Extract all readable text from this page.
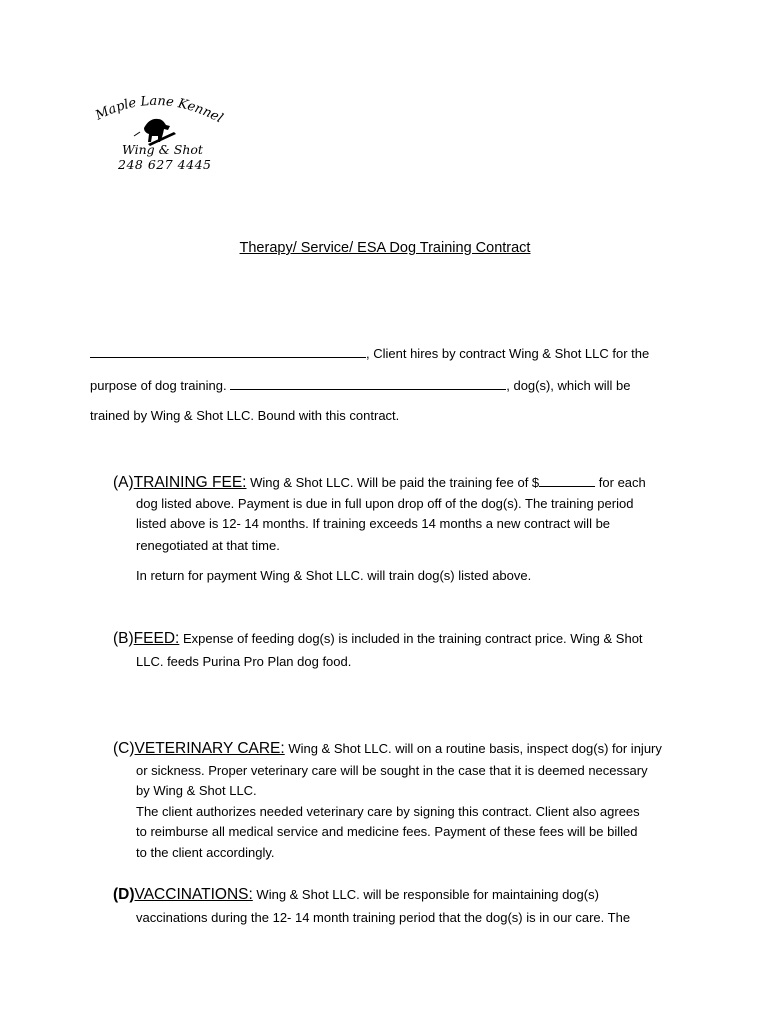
Maple Lane Kennel
Wing & Shot
248 627 4445
Therapy/ Service/ ESA Dog Training Contract
, Client hires by contract Wing & Shot LLC for the
purpose of dog training.	, dog(s), which will be
trained by Wing & Shot LLC. Bound with this contract.
(A)TRAINING FEE: Wing & Shot LLC. Will be paid the training fee of $	for each
dog listed above. Payment is due in full upon drop off of the dog(s). The training period
listed above is 12- 14 months. If training exceeds 14 months a new contract will be
renegotiated at that time.
In return for payment Wing & Shot LLC. will train dog(s) listed above.
(B)FEED: Expense of feeding dog(s) is included in the training contract price. Wing & Shot
LLC. feeds Purina Pro Plan dog food.
(C)VETERINARY CARE: Wing & Shot LLC. will on a routine basis, inspect dog(s) for injury
or sickness. Proper veterinary care will be sought in the case that it is deemed necessary
by Wing & Shot LLC.
The client authorizes needed veterinary care by signing this contract. Client also agrees
to reimburse all medical service and medicine fees. Payment of these fees will be billed
to the client accordingly.
(D)VACCINATIONS: Wing & Shot LLC. will be responsible for maintaining dog(s)
vaccinations during the 12- 14 month training period that the dog(s) is in our care. The
